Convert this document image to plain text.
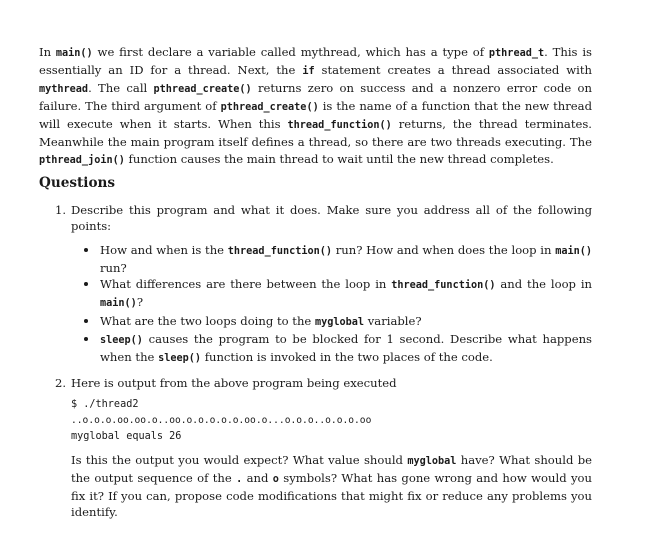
In main() we first declare a variable called mythread, which has a type of pthread_t. This is essentially an ID for a thread. Next, the if statement creates a thread associated with mythread. The call pthread_create() returns zero on success and a nonzero error code on failure. The third argument of pthread_create() is the name of a function that the new thread will execute when it starts. When this thread_function() returns, the thread terminates. Meanwhile the main program itself defines a thread, so there are two threads executing. The pthread_join() function causes the main thread to wait until the new thread completes.

Questions
1. Describe this program and what it does. Make sure you address all of the following points:
How and when is the thread_function() run? How and when does the loop in main() run?
What differences are there between the loop in thread_function() and the loop in main()?
What are the two loops doing to the myglobal variable?
sleep() causes the program to be blocked for 1 second. Describe what happens when the sleep() function is invoked in the two places of the code.
2. Here is output from the above program being executed
$ ./thread2
..o.o.o.oo.oo.o..oo.o.o.o.o.o.oo.o...o.o.o..o.o.o.oo
myglobal equals 26
Is this the output you would expect? What value should myglobal have? What should be the output sequence of the . and o symbols? What has gone wrong and how would you fix it? If you can, propose code modifications that might fix or reduce any problems you identify.
